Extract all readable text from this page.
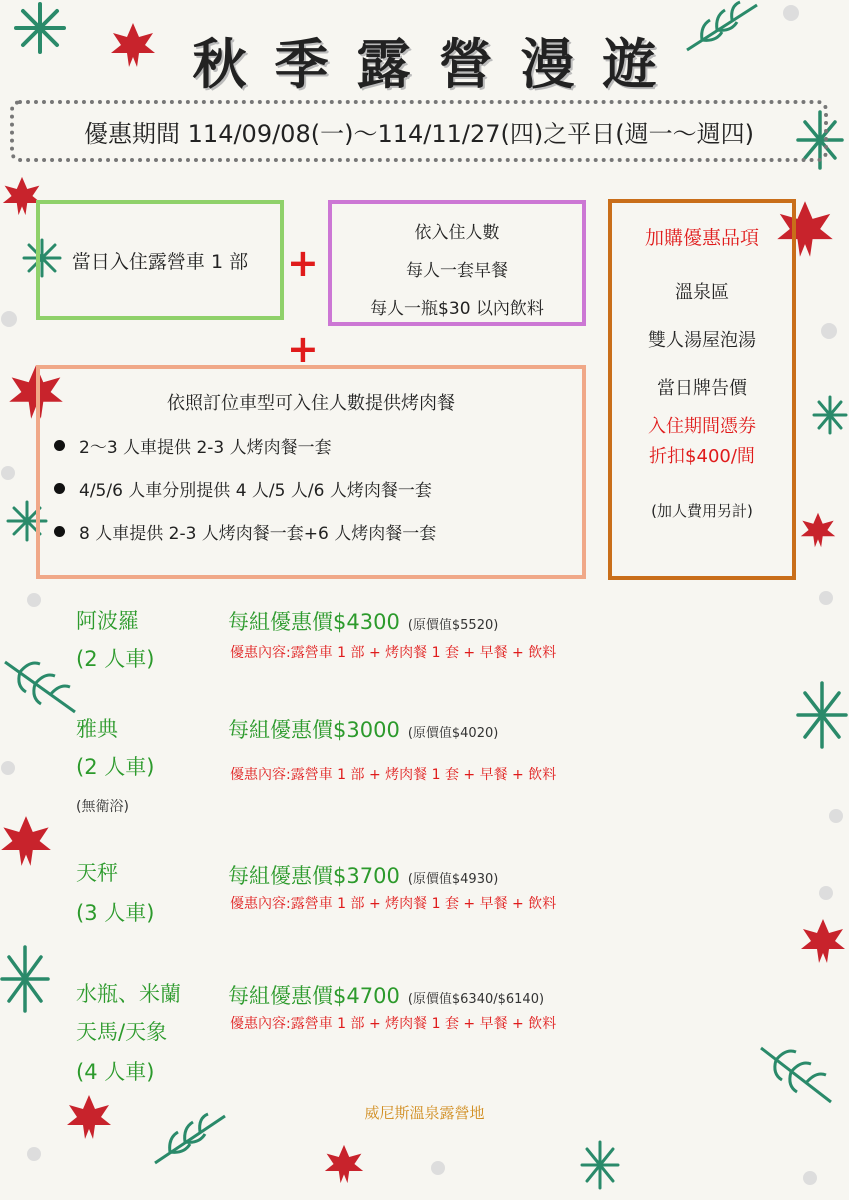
秋季露營漫遊
優惠期間 114/09/08(一)～114/11/27(四)之平日(週一～週四)
當日入住露營車 1 部 +
依入住人數
每人一套早餐
每人一瓶$30 以內飲料
+
依照訂位車型可入住人數提供烤肉餐
2～3 人車提供 2-3 人烤肉餐一套
4/5/6 人車分別提供 4 人/5 人/6 人烤肉餐一套
8 人車提供 2-3 人烤肉餐一套+6 人烤肉餐一套
加購優惠品項
溫泉區
雙人湯屋泡湯
當日牌告價
入住期間憑券
折扣$400/間
(加人費用另計)
阿波羅
(2 人車)
每組優惠價$4300 (原價值$5520)
優惠內容:露營車 1 部 + 烤肉餐 1 套 + 早餐 + 飲料
雅典
(2 人車)
(無衛浴)
每組優惠價$3000 (原價值$4020)
優惠內容:露營車 1 部 + 烤肉餐 1 套 + 早餐 + 飲料
天秤
(3 人車)
每組優惠價$3700 (原價值$4930)
優惠內容:露營車 1 部 + 烤肉餐 1 套 + 早餐 + 飲料
水瓶、米蘭
天馬/天象
(4 人車)
每組優惠價$4700 (原價值$6340/$6140)
優惠內容:露營車 1 部 + 烤肉餐 1 套 + 早餐 + 飲料
威尼斯溫泉露營地
